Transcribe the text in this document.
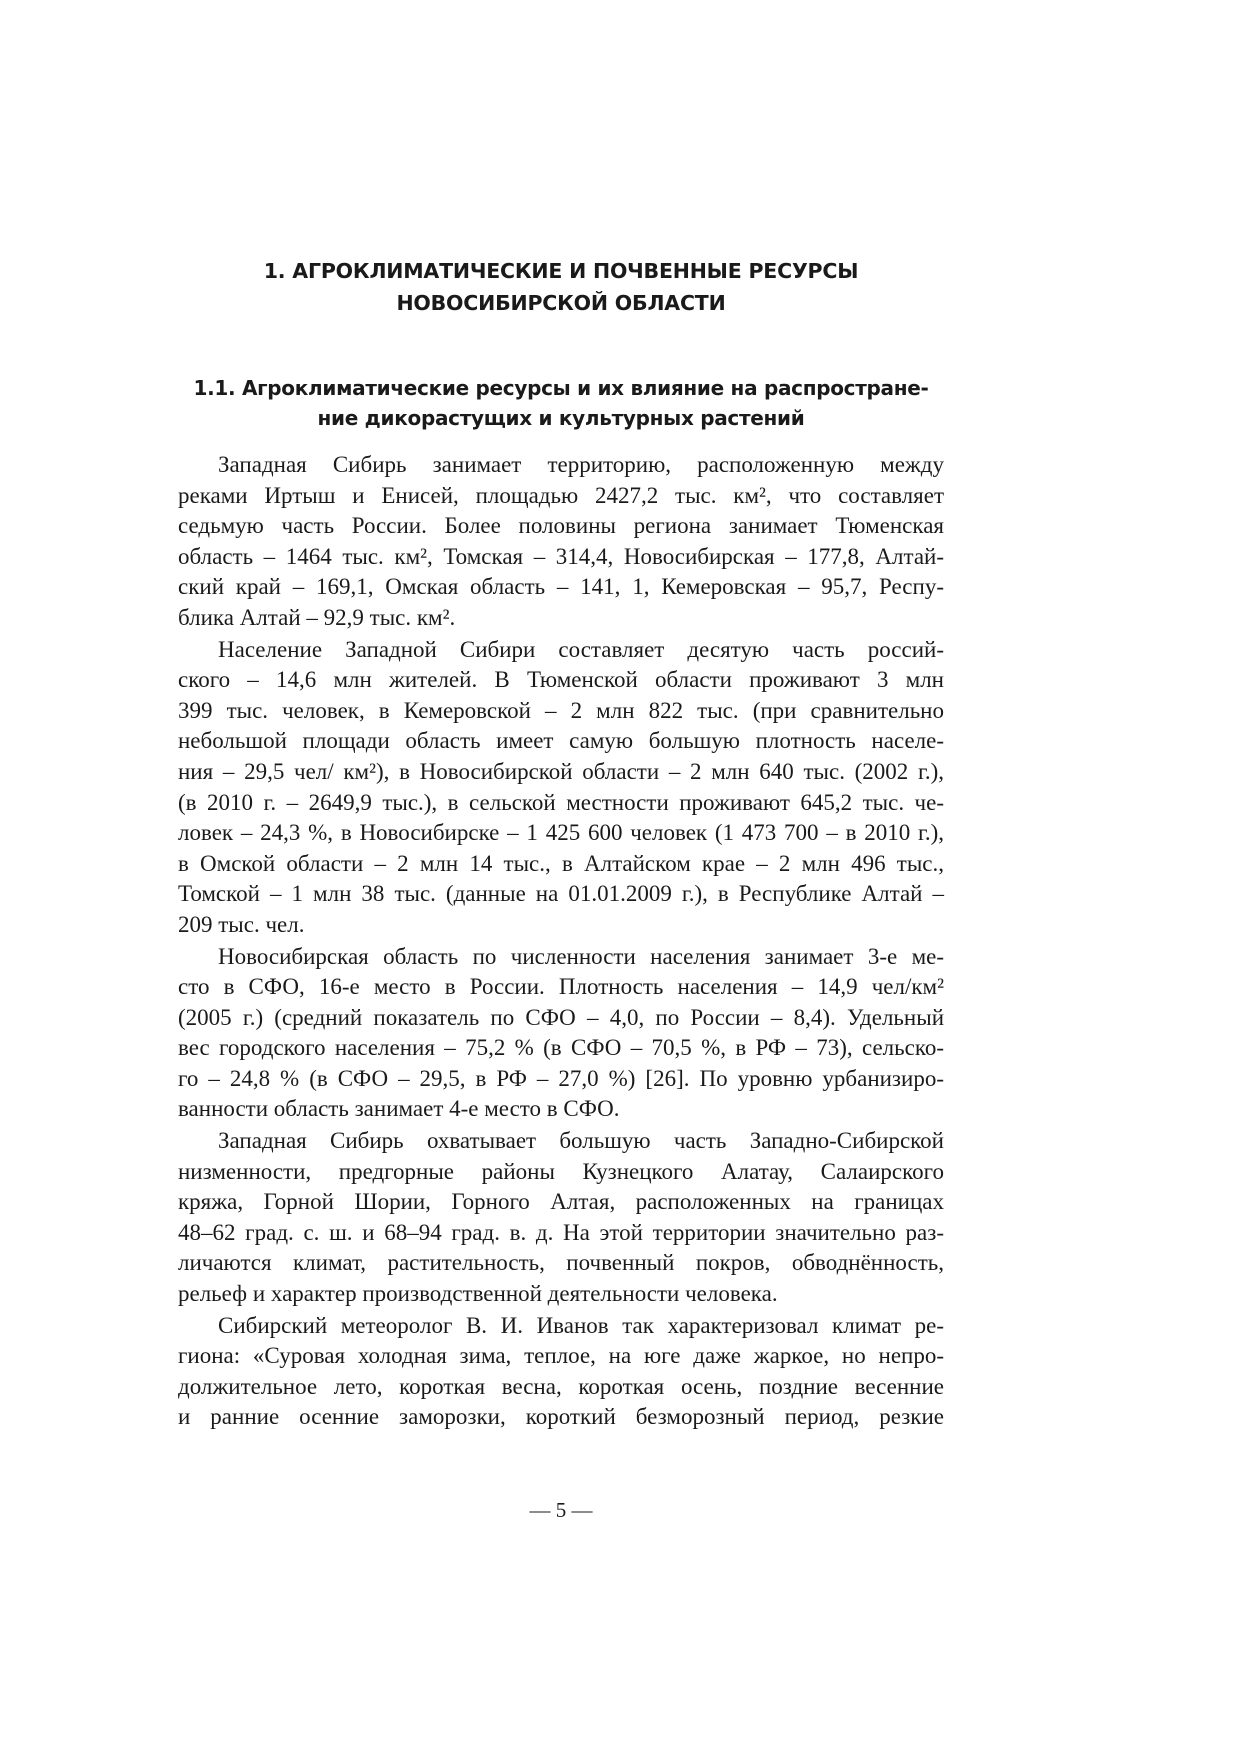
1. АГРОКЛИМАТИЧЕСКИЕ И ПОЧВЕННЫЕ РЕСУРСЫ
НОВОСИБИРСКОЙ ОБЛАСТИ
1.1. Агроклиматические ресурсы и их влияние на распростране-
ние дикорастущих и культурных растений

Западная Сибирь занимает территорию, расположенную между
реками Иртыш и Енисей, площадью 2427,2 тыс. км², что составляет
седьмую часть России. Более половины региона занимает Тюменская
область – 1464 тыс. км², Томская – 314,4, Новосибирская – 177,8, Алтай-
ский край – 169,1, Омская область – 141, 1, Кемеровская – 95,7, Респу-
блика Алтай – 92,9 тыс. км².

Население Западной Сибири составляет десятую часть россий-
ского – 14,6 млн жителей. В Тюменской области проживают 3 млн
399 тыс. человек, в Кемеровской – 2 млн 822 тыс. (при сравнительно
небольшой площади область имеет самую большую плотность населе-
ния – 29,5 чел/ км²), в Новосибирской области – 2 млн 640 тыс. (2002 г.),
(в 2010 г. – 2649,9 тыс.), в сельской местности проживают 645,2 тыс. че-
ловек – 24,3 %, в Новосибирске – 1 425 600 человек (1 473 700 – в 2010 г.),
в Омской области – 2 млн 14 тыс., в Алтайском крае – 2 млн 496 тыс.,
Томской – 1 млн 38 тыс. (данные на 01.01.2009 г.), в Республике Алтай –
209 тыс. чел.

Новосибирская область по численности населения занимает 3-е ме-
сто в СФО, 16-е место в России. Плотность населения – 14,9 чел/км²
(2005 г.) (средний показатель по СФО – 4,0, по России – 8,4). Удельный
вес городского населения – 75,2 % (в СФО – 70,5 %, в РФ – 73), сельско-
го – 24,8 % (в СФО – 29,5, в РФ – 27,0 %) [26]. По уровню урбанизиро-
ванности область занимает 4-е место в СФО.

Западная Сибирь охватывает большую часть Западно-Сибирской
низменности, предгорные районы Кузнецкого Алатау, Салаирского
кряжа, Горной Шории, Горного Алтая, расположенных на границах
48–62 град. с. ш. и 68–94 град. в. д. На этой территории значительно раз-
личаются климат, растительность, почвенный покров, обводнённость,
рельеф и характер производственной деятельности человека.

Сибирский метеоролог В. И. Иванов так характеризовал климат ре-
гиона: «Суровая холодная зима, теплое, на юге даже жаркое, но непро-
должительное лето, короткая весна, короткая осень, поздние весенние
и ранние осенние заморозки, короткий безморозный период, резкие

— 5 —
